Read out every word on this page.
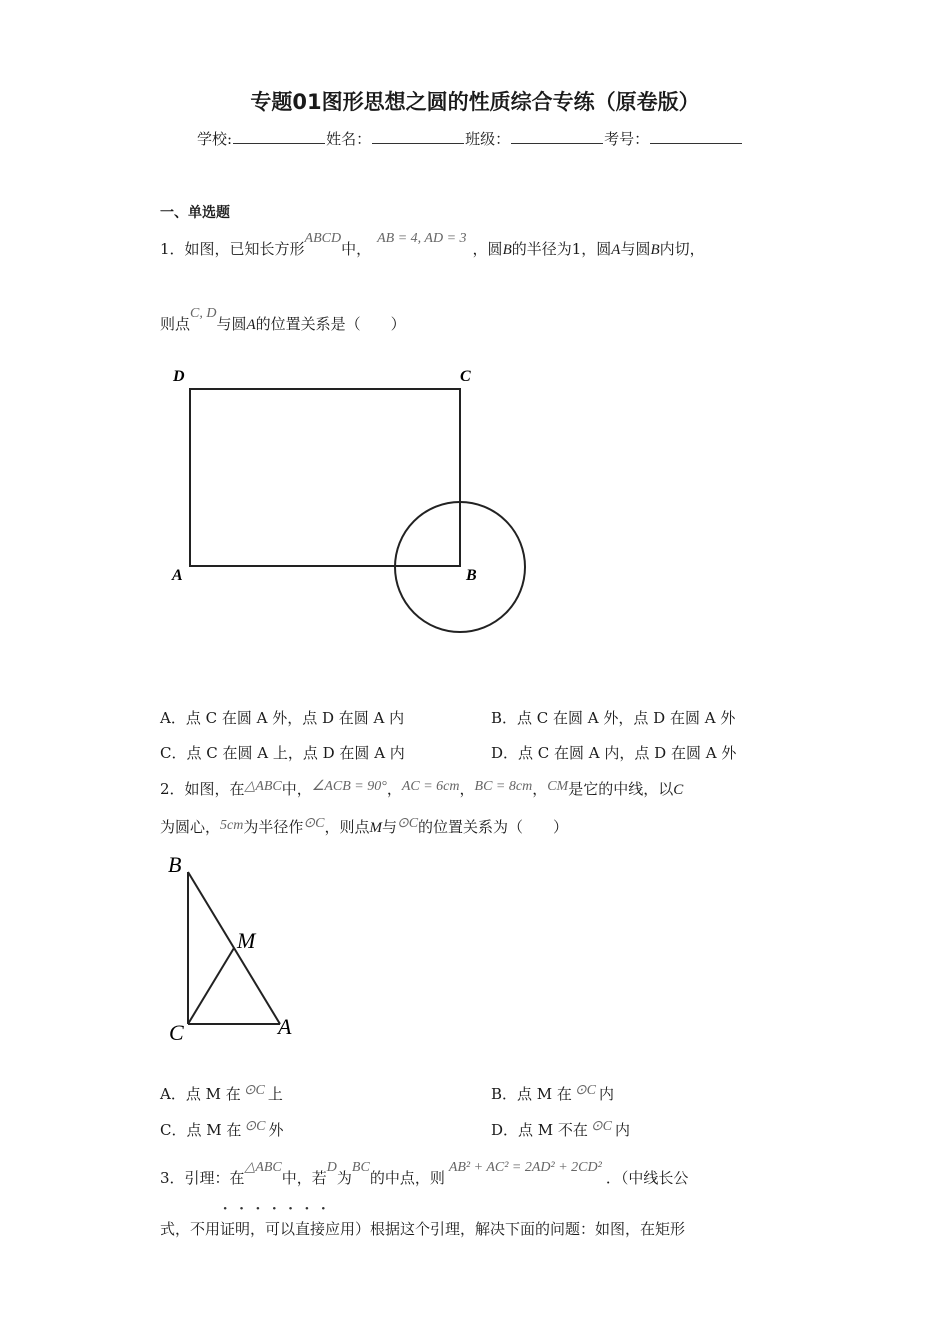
专题01图形思想之圆的性质综合专练（原卷版）
学校:	姓名：	班级：	考号：
一、单选题
1．如图，已知长方形ABCD中，AB = 4, AD = 3，圆B的半径为1，圆A与圆B内切，
则点C, D与圆A的位置关系是（　　）
D	C
A	B
A．点 C 在圆 A 外，点 D 在圆 A 内	B．点 C 在圆 A 外，点 D 在圆 A 外
C．点 C 在圆 A 上，点 D 在圆 A 内	D．点 C 在圆 A 内，点 D 在圆 A 外
2．如图，在△ABC中，∠ACB = 90°，AC = 6cm，BC = 8cm，CM是它的中线，以C
为圆心，5cm为半径作⊙C，则点M与⊙C的位置关系为（　　）
B
M
C	A
A．点 M 在 ⊙C 上	B．点 M 在 ⊙C 内
C．点 M 在 ⊙C 外	D．点 M 不在 ⊙C 内
3．引理：在△ABC中，若D为BC的中点，则AB² + AC² = 2AD² + 2CD²．（中线长公
·······
式，不用证明，可以直接应用）根据这个引理，解决下面的问题：如图，在矩形
